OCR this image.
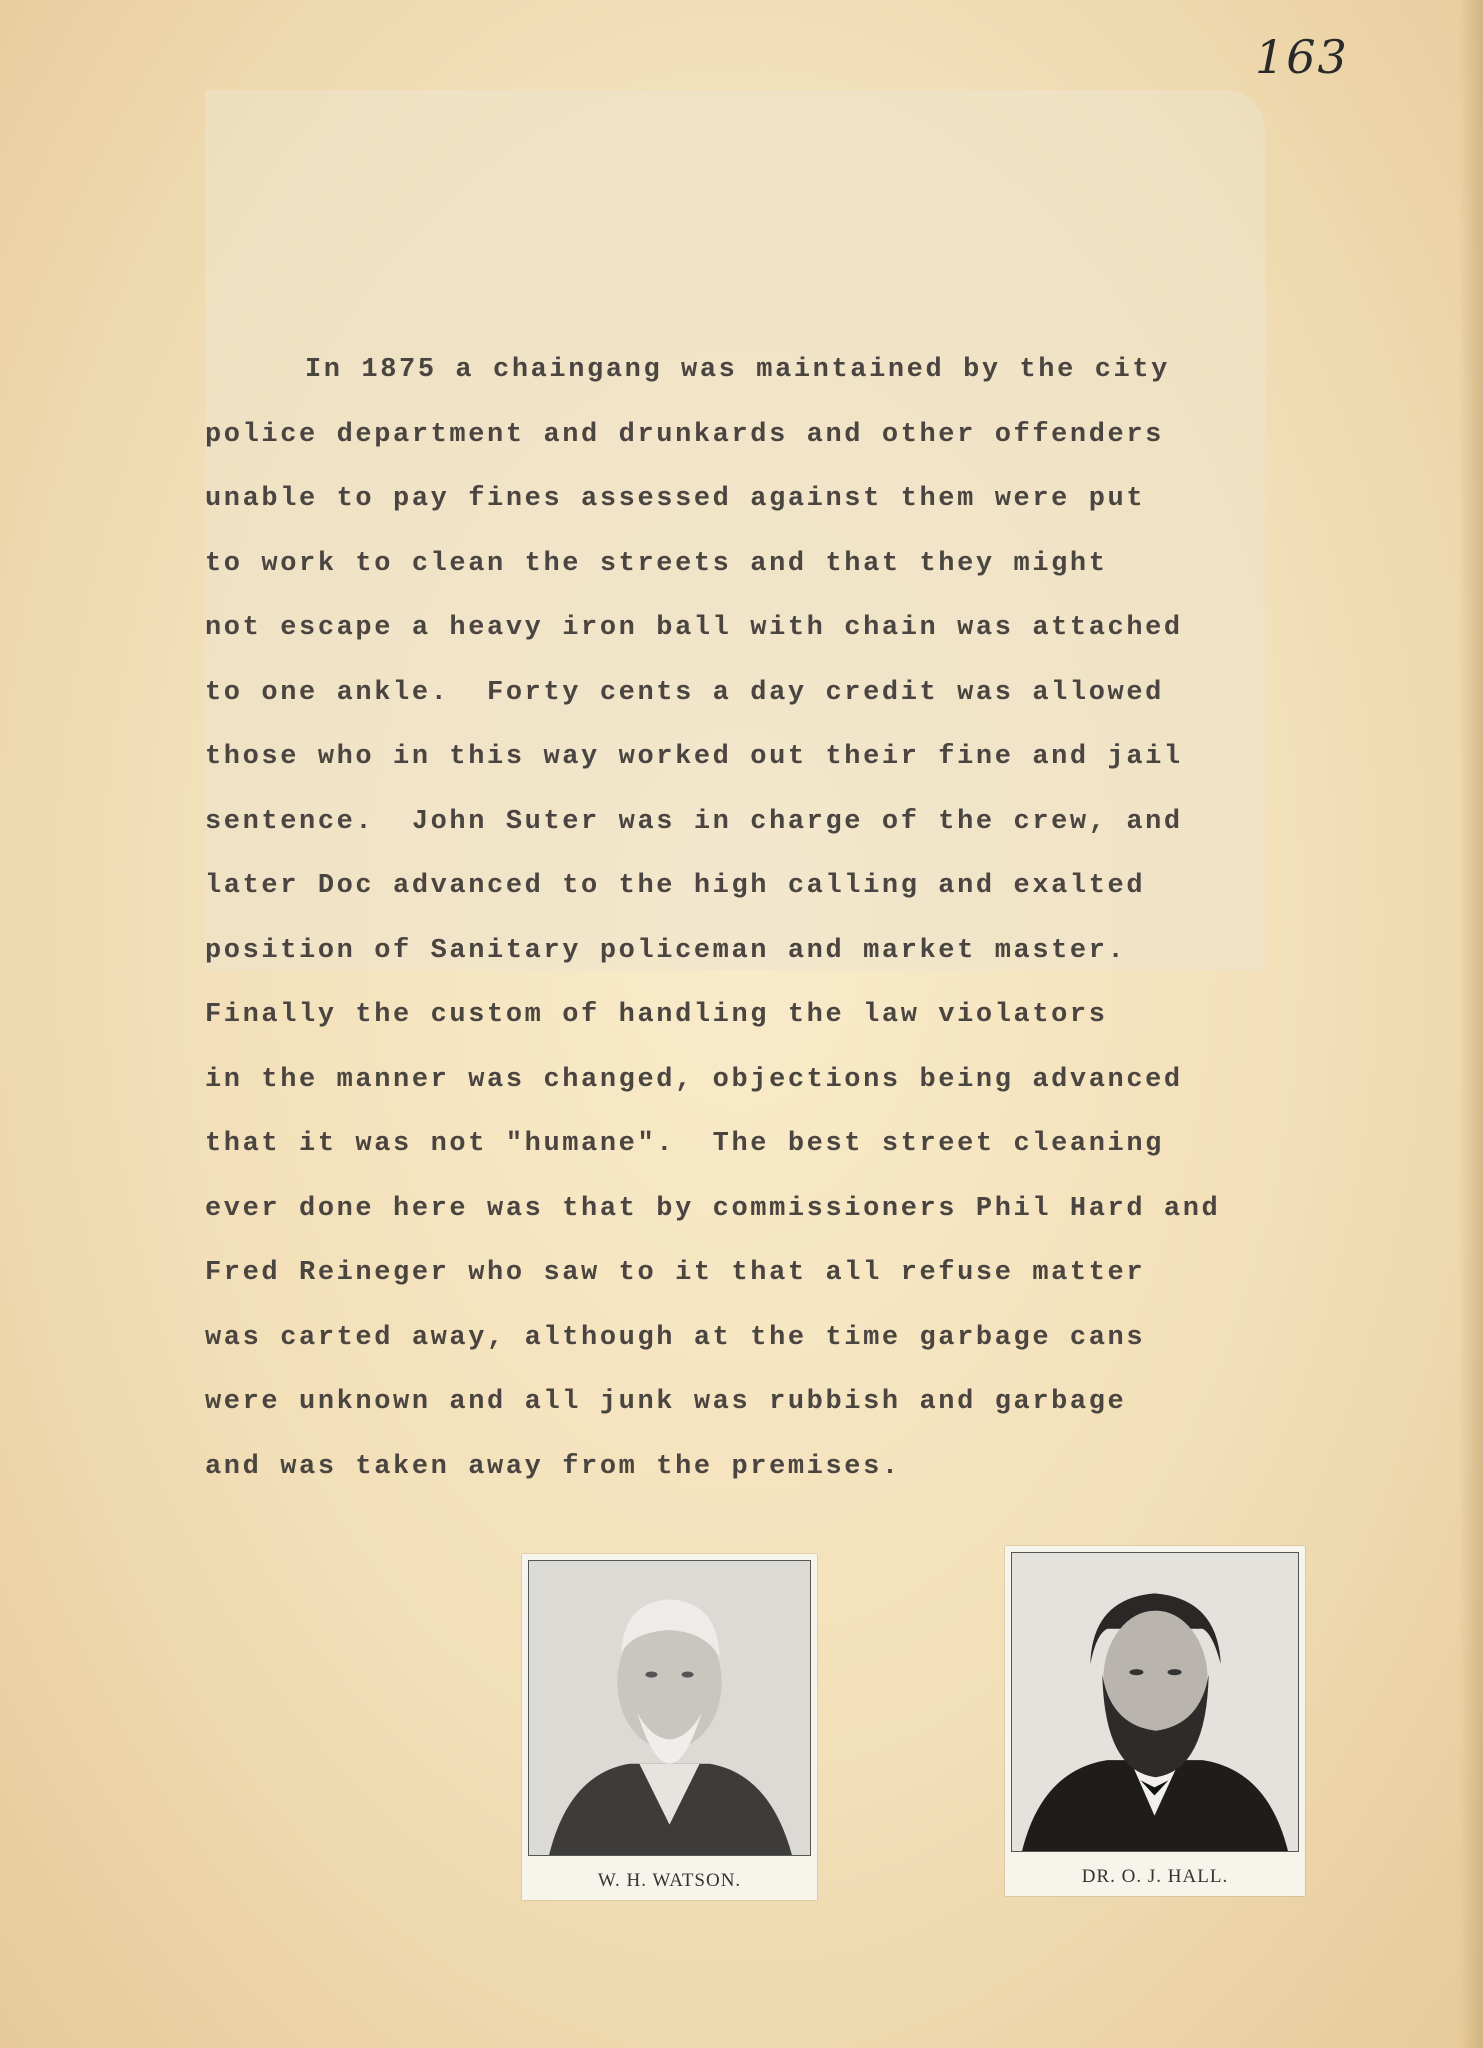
163
In 1875 a chaingang was maintained by the city
police department and drunkards and other offenders
unable to pay fines assessed against them were put
to work to clean the streets and that they might
not escape a heavy iron ball with chain was attached
to one ankle.  Forty cents a day credit was allowed
those who in this way worked out their fine and jail
sentence.  John Suter was in charge of the crew, and
later Doc advanced to the high calling and exalted
position of Sanitary policeman and market master.
Finally the custom of handling the law violators
in the manner was changed, objections being advanced
that it was not "humane".  The best street cleaning
ever done here was that by commissioners Phil Hard and
Fred Reineger who saw to it that all refuse matter
was carted away, although at the time garbage cans
were unknown and all junk was rubbish and garbage
and was taken away from the premises.
W. H. WATSON.	DR. O. J. HALL.
